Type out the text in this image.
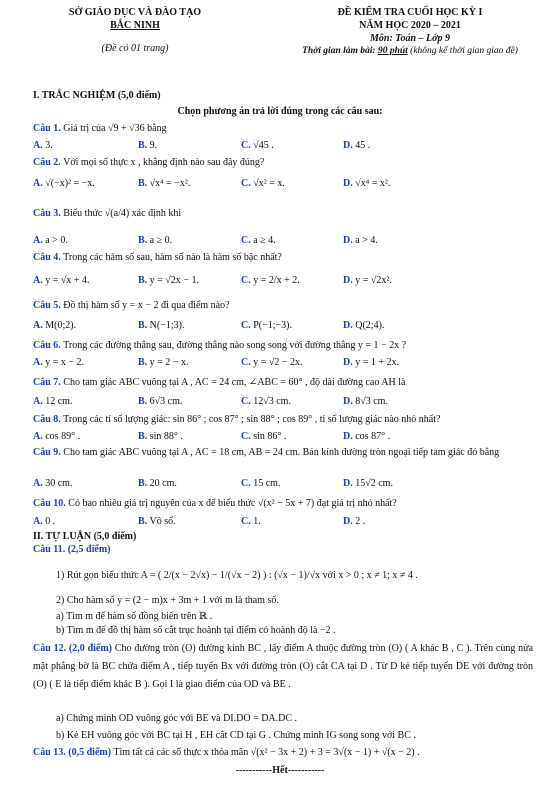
SỞ GIÁO DỤC VÀ ĐÀO TẠO
BẮC NINH
(Đề có 01 trang)
ĐỀ KIỂM TRA CUỐI HỌC KỲ I
NĂM HỌC 2020 – 2021
Môn: Toán – Lớp 9
Thời gian làm bài: 90 phút (không kể thời gian giao đề)
I. TRẮC NGHIỆM (5,0 điểm)
Chọn phương án trả lời đúng trong các câu sau:
Câu 1. Giá trị của √9 + √36 bằng
A. 3.	B. 9.	C. √45 .	D. 45 .
Câu 2. Với mọi số thực x , khẳng định nào sau đây đúng?
A. √(−x)² = −x.	B. √x⁴ = −x².	C. √x² = x.	D. √x⁴ = x².
Câu 3. Biểu thức √(a/4) xác định khi
A. a > 0.	B. a ≥ 0.	C. a ≥ 4.	D. a > 4.
Câu 4. Trong các hàm số sau, hàm số nào là hàm số bậc nhất?
A. y = √x + 4.	B. y = √2x − 1.	C. y = 2/x + 2.	D. y = √2x².
Câu 5. Đồ thị hàm số y = x − 2 đi qua điểm nào?
A. M(0;2).	B. N(−1;3).	C. P(−1;−3).	D. Q(2;4).
Câu 6. Trong các đường thẳng sau, đường thẳng nào song song với đường thẳng y = 1 − 2x ?
A. y = x − 2.	B. y = 2 − x.	C. y = √2 − 2x.	D. y = 1 + 2x.
Câu 7. Cho tam giác ABC vuông tại A , AC = 24 cm, ∠ABC = 60° , độ dài đường cao AH là
A. 12 cm.	B. 6√3 cm.	C. 12√3 cm.	D. 8√3 cm.
Câu 8. Trong các tỉ số lượng giác: sin 86° ; cos 87° ; sin 88° ; cos 89° , tỉ số lượng giác nào nhỏ nhất?
A. cos 89° .	B. sin 88° .	C. sin 86° .	D. cos 87° .
Câu 9. Cho tam giác ABC vuông tại A , AC = 18 cm, AB = 24 cm. Bán kính đường tròn ngoại tiếp tam giác đó bằng
A. 30 cm.	B. 20 cm.	C. 15 cm.	D. 15√2 cm.
Câu 10. Có bao nhiêu giá trị nguyên của x để biểu thức √(x² − 5x + 7) đạt giá trị nhỏ nhất?
A. 0 .	B. Vô số.	C. 1.	D. 2 .
II. TỰ LUẬN (5,0 điểm)
Câu 11. (2,5 điểm)
1) Rút gọn biểu thức A = ( 2/(x − 2√x) − 1/(√x − 2) ) : (√x − 1)/√x với x > 0 ; x ≠ 1; x ≠ 4 .
2) Cho hàm số y = (2 − m)x + 3m + 1 với m là tham số.
a) Tìm m để hàm số đồng biến trên ℝ .
b) Tìm m để đồ thị hàm số cắt trục hoành tại điểm có hoành độ là −2 .
Câu 12. (2,0 điểm) Cho đường tròn (O) đường kính BC , lấy điểm A thuộc đường tròn (O) ( A khác B , C ). Trên cùng nửa mặt phẳng bờ là BC chứa điểm A , tiếp tuyến Bx với đường tròn (O) cắt CA tại D . Từ D kẻ tiếp tuyến DE với đường tròn (O) ( E là tiếp điểm khác B ). Gọi I là giao điểm của OD và BE .
a) Chứng minh OD vuông góc với BE và DI.DO = DA.DC .
b) Kẻ EH vuông góc với BC tại H , EH cắt CD tại G . Chứng minh IG song song với BC .
Câu 13. (0,5 điểm) Tìm tất cả các số thực x thỏa mãn √(x² − 3x + 2) + 3 = 3√(x − 1) + √(x − 2) .
-----------Hết-----------
